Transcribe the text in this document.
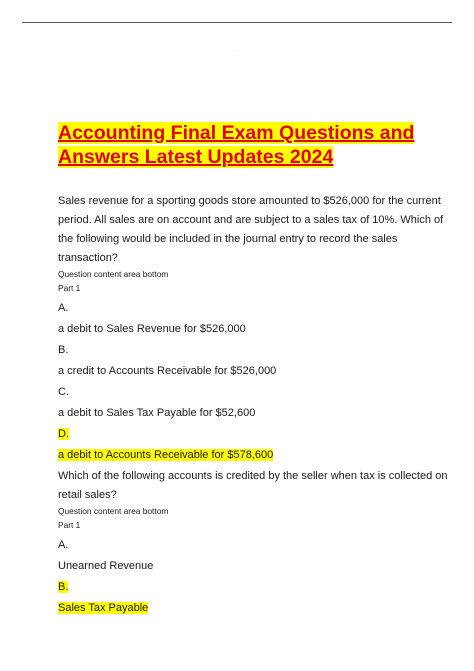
......
Accounting Final Exam Questions and Answers Latest Updates 2024

Sales revenue for a sporting goods store amounted to $526,000 for the current period. All sales are on account and are subject to a sales tax of 10%. Which of the following would be included in the journal entry to record the sales transaction?

Question content area bottom
Part 1
A.
a debit to Sales Revenue for $526,000
B.
a credit to Accounts Receivable for $526,000
C.
a debit to Sales Tax Payable for $52,600
D.
a debit to Accounts Receivable for $578,600

Which of the following accounts is credited by the seller when tax is collected on retail sales?

Question content area bottom
Part 1
A.
Unearned Revenue
B.
Sales Tax Payable
